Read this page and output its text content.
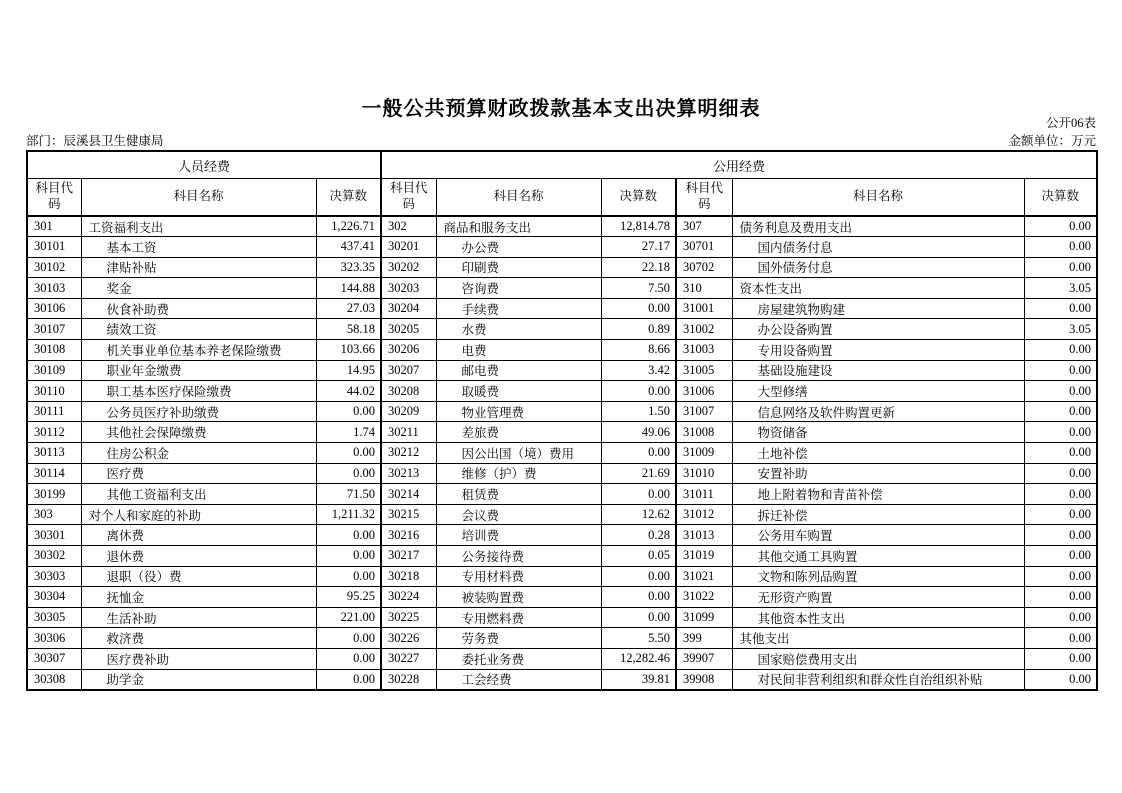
一般公共预算财政拨款基本支出决算明细表
公开06表
部门：辰溪县卫生健康局	金额单位：万元
人员经费			公用经费					
科目代码	科目名称	决算数	科目代码	科目名称	决算数	科目代码	科目名称	决算数
301	工资福利支出	1,226.71	302	商品和服务支出	12,814.78	307	债务利息及费用支出	0.00
30101	基本工资	437.41	30201	办公费	27.17	30701	国内债务付息	0.00
30102	津贴补贴	323.35	30202	印刷费	22.18	30702	国外债务付息	0.00
30103	奖金	144.88	30203	咨询费	7.50	310	资本性支出	3.05
30106	伙食补助费	27.03	30204	手续费	0.00	31001	房屋建筑物购建	0.00
30107	绩效工资	58.18	30205	水费	0.89	31002	办公设备购置	3.05
30108	机关事业单位基本养老保险缴费	103.66	30206	电费	8.66	31003	专用设备购置	0.00
30109	职业年金缴费	14.95	30207	邮电费	3.42	31005	基础设施建设	0.00
30110	职工基本医疗保险缴费	44.02	30208	取暖费	0.00	31006	大型修缮	0.00
30111	公务员医疗补助缴费	0.00	30209	物业管理费	1.50	31007	信息网络及软件购置更新	0.00
30112	其他社会保障缴费	1.74	30211	差旅费	49.06	31008	物资储备	0.00
30113	住房公积金	0.00	30212	因公出国（境）费用	0.00	31009	土地补偿	0.00
30114	医疗费	0.00	30213	维修（护）费	21.69	31010	安置补助	0.00
30199	其他工资福利支出	71.50	30214	租赁费	0.00	31011	地上附着物和青苗补偿	0.00
303	对个人和家庭的补助	1,211.32	30215	会议费	12.62	31012	拆迁补偿	0.00
30301	离休费	0.00	30216	培训费	0.28	31013	公务用车购置	0.00
30302	退休费	0.00	30217	公务接待费	0.05	31019	其他交通工具购置	0.00
30303	退职（役）费	0.00	30218	专用材料费	0.00	31021	文物和陈列品购置	0.00
30304	抚恤金	95.25	30224	被装购置费	0.00	31022	无形资产购置	0.00
30305	生活补助	221.00	30225	专用燃料费	0.00	31099	其他资本性支出	0.00
30306	救济费	0.00	30226	劳务费	5.50	399	其他支出	0.00
30307	医疗费补助	0.00	30227	委托业务费	12,282.46	39907	国家赔偿费用支出	0.00
30308	助学金	0.00	30228	工会经费	39.81	39908	对民间非营利组织和群众性自治组织补贴	0.00
